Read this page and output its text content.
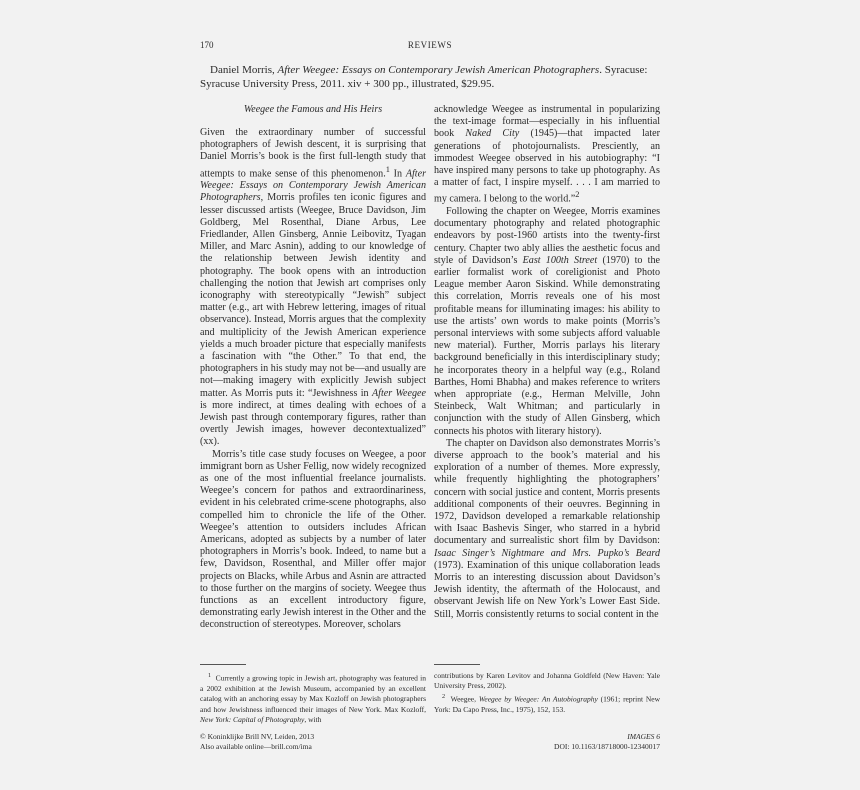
170	REVIEWS

Daniel Morris, After Weegee: Essays on Contemporary Jewish American Photographers. Syracuse: Syracuse University Press, 2011. xiv + 300 pp., illustrated, $29.95.

Weegee the Famous and His Heirs

Given the extraordinary number of successful photographers of Jewish descent, it is surprising that Daniel Morris’s book is the first full-length study that attempts to make sense of this phenomenon.$^1$ In After Weegee: Essays on Contemporary Jewish American Photographers, Morris profiles ten iconic figures and lesser discussed artists (Weegee, Bruce Davidson, Jim Goldberg, Mel Rosenthal, Diane Arbus, Lee Friedlander, Allen Ginsberg, Annie Leibovitz, Tyagan Miller, and Marc Asnin), adding to our knowledge of the relationship between Jewish identity and photography. The book opens with an introduction challenging the notion that Jewish art comprises only iconography with stereotypically “Jewish” subject matter (e.g., art with Hebrew lettering, images of ritual observance). Instead, Morris argues that the complexity and multiplicity of the Jewish American experience yields a much broader picture that especially manifests a fascination with “the Other.” To that end, the photographers in his study may not be—and usually are not—making imagery with explicitly Jewish subject matter. As Morris puts it: “Jewishness in After Weegee is more indirect, at times dealing with echoes of a Jewish past through contemporary figures, rather than overtly Jewish images, however decontextualized” (xx).

Morris’s title case study focuses on Weegee, a poor immigrant born as Usher Fellig, now widely recognized as one of the most influential freelance journalists. Weegee’s concern for pathos and extraordinariness, evident in his celebrated crime-scene photographs, also compelled him to chronicle the life of the Other. Weegee’s attention to outsiders includes African Americans, adopted as subjects by a number of later photographers in Morris’s book. Indeed, to name but a few, Davidson, Rosenthal, and Miller offer major projects on Blacks, while Arbus and Asnin are attracted to those further on the margins of society. Weegee thus functions as an excellent introductory figure, demonstrating early Jewish interest in the Other and the deconstruction of stereotypes. Moreover, scholars

acknowledge Weegee as instrumental in popularizing the text-image format—especially in his influential book Naked City (1945)—that impacted later generations of photojournalists. Presciently, an immodest Weegee observed in his autobiography: “I have inspired many persons to take up photography. As a matter of fact, I inspire myself. . . . I am married to my camera. I belong to the world.”$^2$

Following the chapter on Weegee, Morris examines documentary photography and related photographic endeavors by post-1960 artists into the twenty-first century. Chapter two ably allies the aesthetic focus and style of Davidson’s East 100th Street (1970) to the earlier formalist work of coreligionist and Photo League member Aaron Siskind. While demonstrating this correlation, Morris reveals one of his most profitable means for illuminating images: his ability to use the artists’ own words to make points (Morris’s personal interviews with some subjects afford valuable new material). Further, Morris parlays his literary background beneficially in this interdisciplinary study; he incorporates theory in a helpful way (e.g., Roland Barthes, Homi Bhabha) and makes reference to writers when appropriate (e.g., Herman Melville, John Steinbeck, Walt Whitman; and particularly in conjunction with the study of Allen Ginsberg, which connects his photos with literary history).

The chapter on Davidson also demonstrates Morris’s diverse approach to the book’s material and his exploration of a number of themes. More expressly, while frequently highlighting the photographers’ concern with social justice and content, Morris presents additional components of their oeuvres. Beginning in 1972, Davidson developed a remarkable relationship with Isaac Bashevis Singer, who starred in a hybrid documentary and surrealistic short film by Davidson: Isaac Singer’s Nightmare and Mrs. Pupko’s Beard (1973). Examination of this unique collaboration leads Morris to an interesting discussion about Davidson’s Jewish identity, the aftermath of the Holocaust, and observant Jewish life on New York’s Lower East Side. Still, Morris consistently returns to social content in the

$^1$ Currently a growing topic in Jewish art, photography was featured in a 2002 exhibition at the Jewish Museum, accompanied by an excellent catalog with an anchoring essay by Max Kozloff on Jewish photographers and how Jewishness influenced their images of New York. Max Kozloff, New York: Capital of Photography, with

contributions by Karen Levitov and Johanna Goldfeld (New Haven: Yale University Press, 2002).

$^2$ Weegee, Weegee by Weegee: An Autobiography (1961; reprint New York: Da Capo Press, Inc., 1975), 152, 153.

© Koninklijke Brill NV, Leiden, 2013
Also available online—brill.com/ima
IMAGES 6
DOI: 10.1163/18718000-12340017
